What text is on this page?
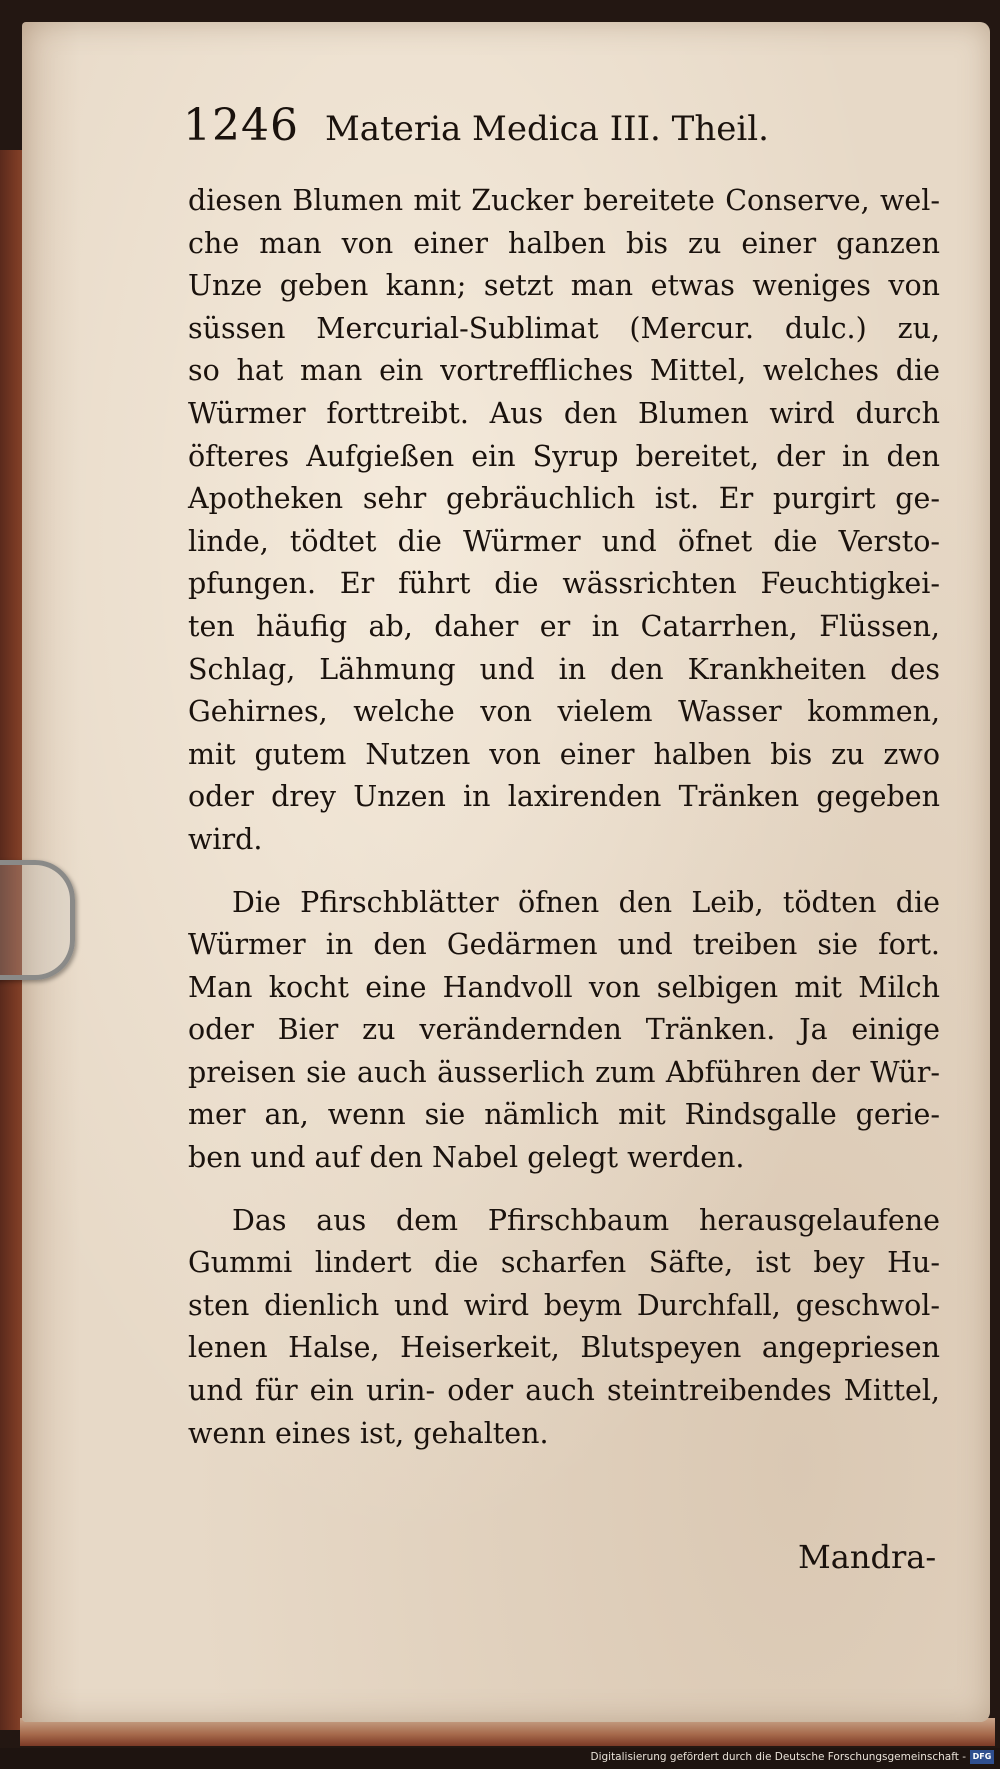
1246 Materia Medica III. Theil.
diesen Blumen mit Zucker bereitete Conserve, wel-
che man von einer halben bis zu einer ganzen
Unze geben kann; setzt man etwas weniges von
süssen Mercurial-Sublimat (Mercur. dulc.) zu,
so hat man ein vortreffliches Mittel, welches die
Würmer forttreibt. Aus den Blumen wird durch
öfteres Aufgießen ein Syrup bereitet, der in den
Apotheken sehr gebräuchlich ist. Er purgirt ge-
linde, tödtet die Würmer und öfnet die Versto-
pfungen. Er führt die wässrichten Feuchtigkei-
ten häufig ab, daher er in Catarrhen, Flüssen,
Schlag, Lähmung und in den Krankheiten des
Gehirnes, welche von vielem Wasser kommen,
mit gutem Nutzen von einer halben bis zu zwo
oder drey Unzen in laxirenden Tränken gegeben
wird.
Die Pfirschblätter öfnen den Leib, tödten die
Würmer in den Gedärmen und treiben sie fort.
Man kocht eine Handvoll von selbigen mit Milch
oder Bier zu verändernden Tränken. Ja einige
preisen sie auch äusserlich zum Abführen der Wür-
mer an, wenn sie nämlich mit Rindsgalle gerie-
ben und auf den Nabel gelegt werden.
Das aus dem Pfirschbaum herausgelaufene
Gummi lindert die scharfen Säfte, ist bey Hu-
sten dienlich und wird beym Durchfall, geschwol-
lenen Halse, Heiserkeit, Blutspeyen angepriesen
und für ein urin- oder auch steintreibendes Mittel,
wenn eines ist, gehalten.
Mandra-
Digitalisierung gefördert durch die Deutsche Forschungsgemeinschaft - DFG
